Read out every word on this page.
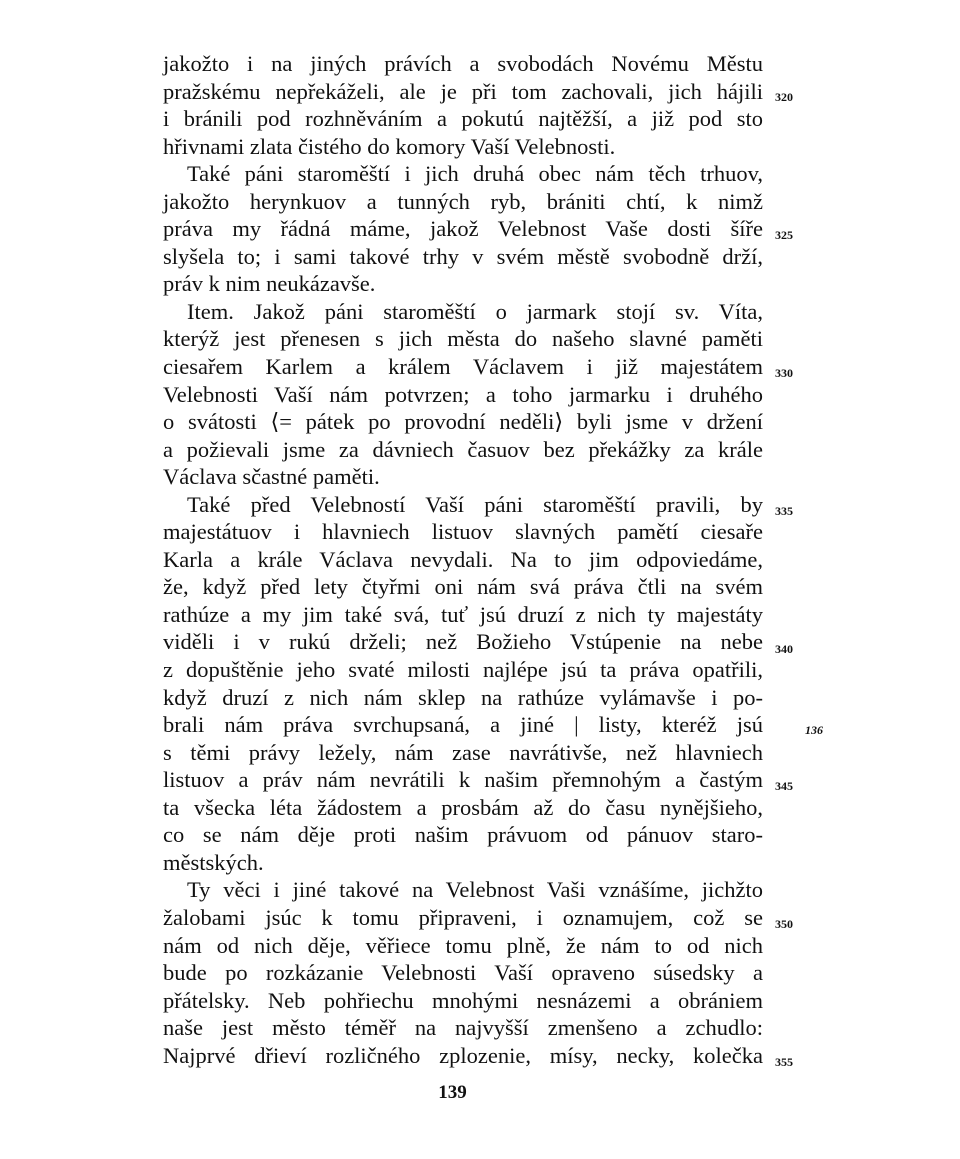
jakožto i na jiných právích a svobodách Novému Městu
pražskému nepřekáželi, ale je při tom zachovali, jich hájili
i bránili pod rozhněváním a pokutú najtěžší, a již pod sto
hřivnami zlata čistého do komory Vaší Velebnosti.
Také páni staroměští i jich druhá obec nám těch trhuov,
jakožto herynkuov a tunných ryb, brániti chtí, k nimž
práva my řádná máme, jakož Velebnost Vaše dosti šíře
slyšela to; i sami takové trhy v svém městě svobodně drží,
práv k nim neukázavše.
Item. Jakož páni staroměští o jarmark stojí sv. Víta,
kterýž jest přenesen s jich města do našeho slavné paměti
ciesařem Karlem a králem Václavem i již majestátem
Velebnosti Vaší nám potvrzen; a toho jarmarku i druhého
o svátosti ⟨= pátek po provodní neděli⟩ byli jsme v držení
a požievali jsme za dávniech časuov bez překážky za krále
Václava sčastné paměti.
Také před Velebností Vaší páni staroměští pravili, by
majestátuov i hlavniech listuov slavných pamětí ciesaře
Karla a krále Václava nevydali. Na to jim odpoviedáme,
že, když před lety čtyřmi oni nám svá práva čtli na svém
rathúze a my jim také svá, tuť jsú druzí z nich ty majestáty
viděli i v rukú drželi; než Božieho Vstúpenie na nebe
z dopuštěnie jeho svaté milosti najlépe jsú ta práva opatřili,
když druzí z nich nám sklep na rathúze vylámavše i po-
brali nám práva svrchupsaná, a jiné | listy, kteréž jsú
s těmi právy ležely, nám zase navrátivše, než hlavniech
listuov a práv nám nevrátili k našim přemnohým a častým
ta všecka léta žádostem a prosbám až do času nynějšieho,
co se nám děje proti našim právuom od pánuov staro-
městských.
Ty věci i jiné takové na Velebnost Vaši vznášíme, jichžto
žalobami jsúc k tomu připraveni, i oznamujem, což se
nám od nich děje, věřiece tomu plně, že nám to od nich
bude po rozkázanie Velebnosti Vaší opraveno súsedsky a
přátelsky. Neb pohřiechu mnohými nesnázemi a obrániem
naše jest město téměř na najvyšší zmenšeno a zchudlo:
Najprvé dřieví rozličného zplozenie, mísy, necky, kolečka
320
325
330
335
340
345
350
355
136
139
